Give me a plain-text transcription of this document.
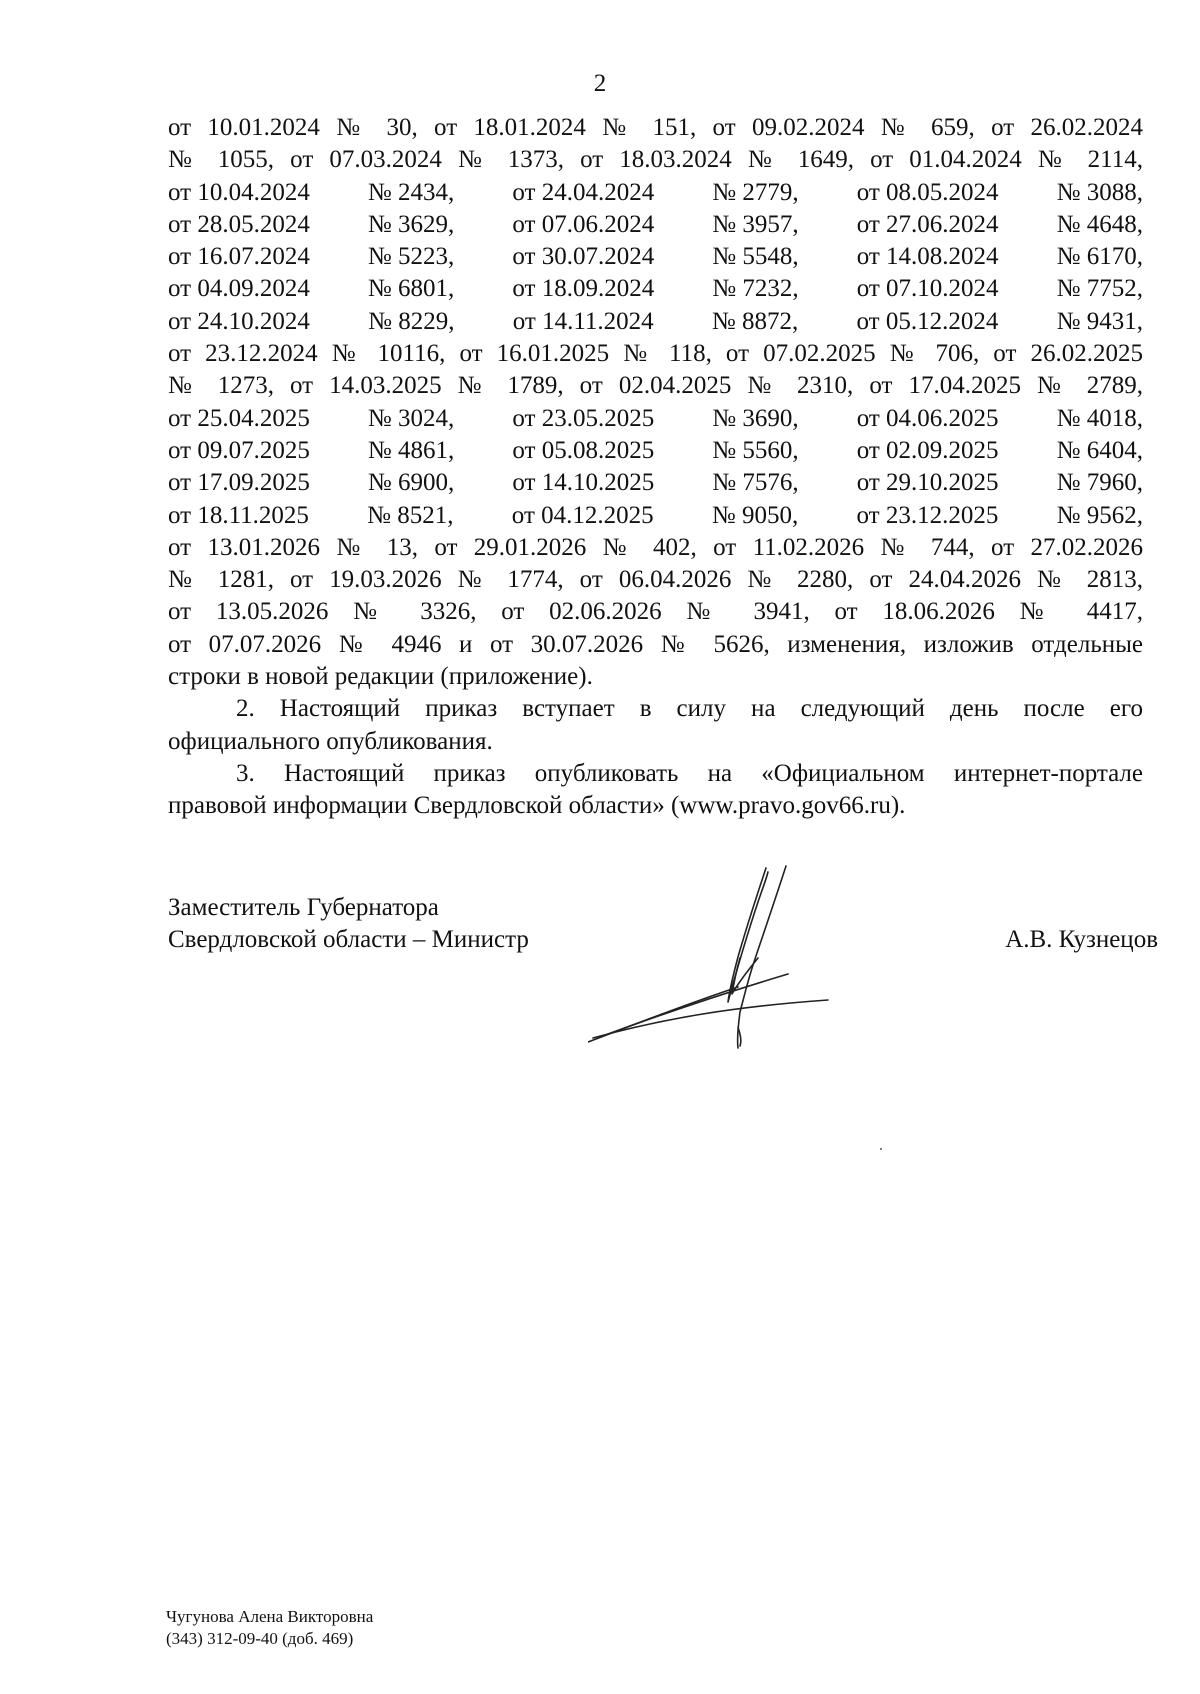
2
от 10.01.2024 № 30, от 18.01.2024 № 151, от 09.02.2024 № 659, от 26.02.2024
№ 1055, от 07.03.2024 № 1373, от 18.03.2024 № 1649, от 01.04.2024 № 2114,
от 10.04.2024 № 2434, от 24.04.2024 № 2779, от 08.05.2024 № 3088,
от 28.05.2024 № 3629, от 07.06.2024 № 3957, от 27.06.2024 № 4648,
от 16.07.2024 № 5223, от 30.07.2024 № 5548, от 14.08.2024 № 6170,
от 04.09.2024 № 6801, от 18.09.2024 № 7232, от 07.10.2024 № 7752,
от 24.10.2024 № 8229, от 14.11.2024 № 8872, от 05.12.2024 № 9431,
от 23.12.2024 № 10116, от 16.01.2025 № 118, от 07.02.2025 № 706, от 26.02.2025
№ 1273, от 14.03.2025 № 1789, от 02.04.2025 № 2310, от 17.04.2025 № 2789,
от 25.04.2025 № 3024, от 23.05.2025 № 3690, от 04.06.2025 № 4018,
от 09.07.2025 № 4861, от 05.08.2025 № 5560, от 02.09.2025 № 6404,
от 17.09.2025 № 6900, от 14.10.2025 № 7576, от 29.10.2025 № 7960,
от 18.11.2025 № 8521, от 04.12.2025 № 9050, от 23.12.2025 № 9562,
от 13.01.2026 № 13, от 29.01.2026 № 402, от 11.02.2026 № 744, от 27.02.2026
№ 1281, от 19.03.2026 № 1774, от 06.04.2026 № 2280, от 24.04.2026 № 2813,
от 13.05.2026 № 3326, от 02.06.2026 № 3941, от 18.06.2026 № 4417,
от 07.07.2026 № 4946 и от 30.07.2026 № 5626, изменения, изложив отдельные
строки в новой редакции (приложение).
2. Настоящий приказ вступает в силу на следующий день после его
официального опубликования.
3. Настоящий приказ опубликовать на «Официальном интернет-портале
правовой информации Свердловской области» (www.pravo.gov66.ru).
Заместитель Губернатора
Свердловской области – Министр	А.В. Кузнецов
Чугунова Алена Викторовна
(343) 312-09-40 (доб. 469)
